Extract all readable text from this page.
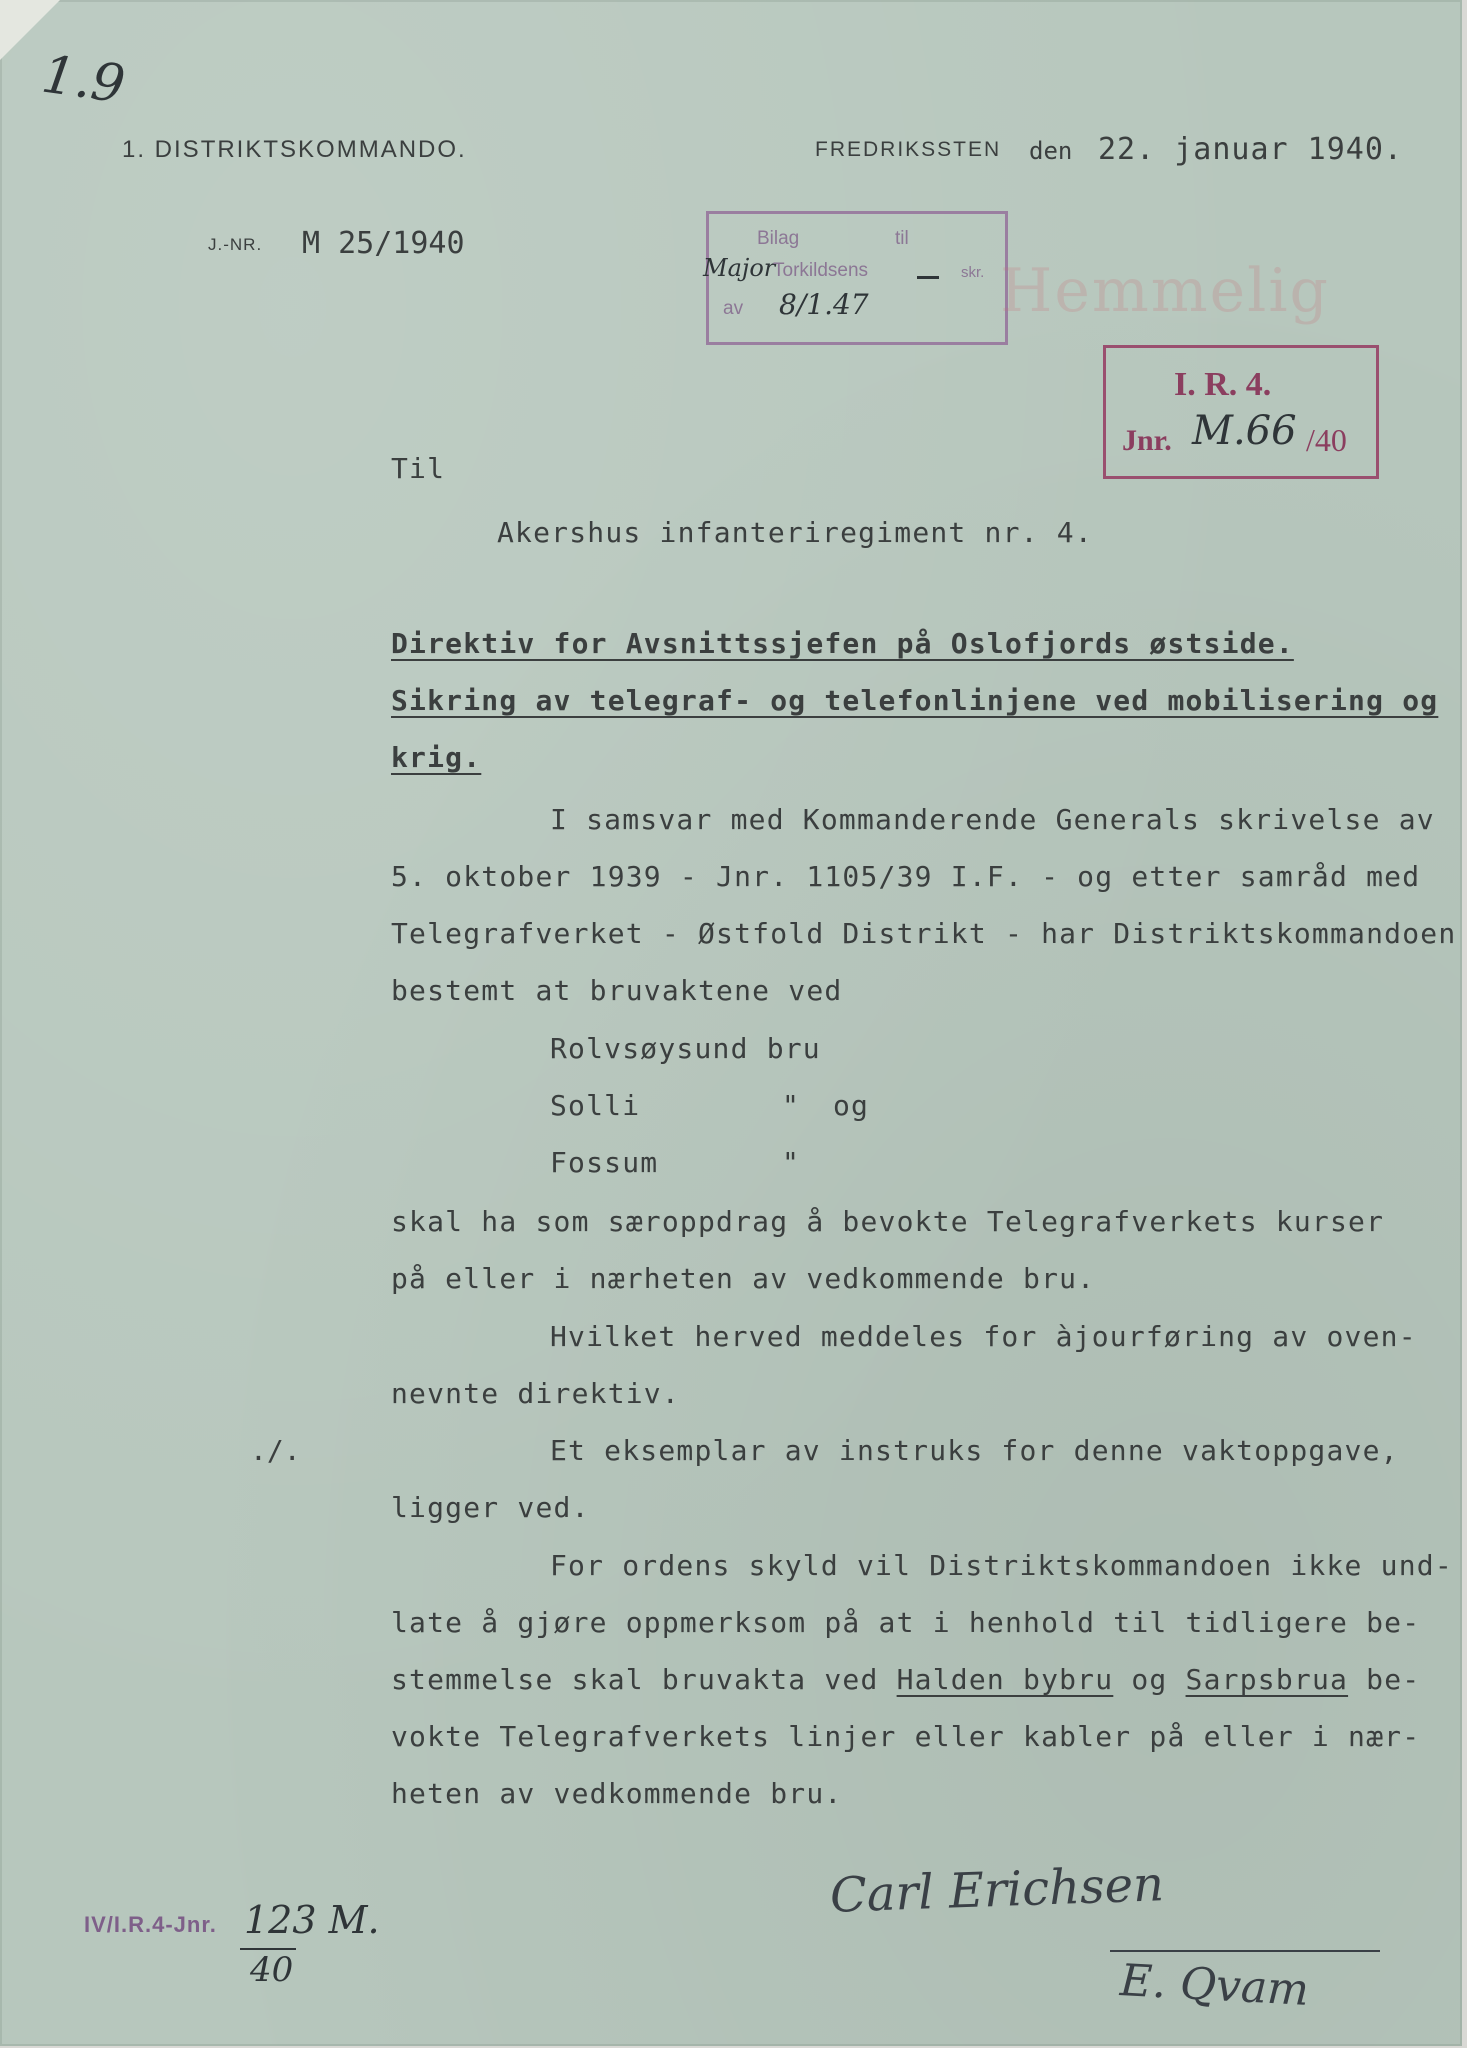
1.9
1. DISTRIKTSKOMMANDO.	FREDRIKSSTEN den 22. januar 1940.
J.-NR. M 25/1940	Bilag	til
Major
Torkildsens	skr.
av 8/1.47 Hemmelig
I. R. 4.
Jnr. M.66 /40
Til
Akershus infanteriregiment nr. 4.
Direktiv for Avsnittssjefen på Oslofjords østside.
Sikring av telegraf- og telefonlinjene ved mobilisering og
krig.
I samsvar med Kommanderende Generals skrivelse av
5. oktober 1939 - Jnr. 1105/39 I.F. - og etter samråd med
Telegrafverket - Østfold Distrikt - har Distriktskommandoen
bestemt at bruvaktene ved
Rolvsøysund bru
Solli	" og
Fossum	"
skal ha som særoppdrag å bevokte Telegrafverkets kurser
på eller i nærheten av vedkommende bru.
Hvilket herved meddeles for àjourføring av oven-
nevnte direktiv.
./.	Et eksemplar av instruks for denne vaktoppgave,
ligger ved.
For ordens skyld vil Distriktskommandoen ikke und-
late å gjøre oppmerksom på at i henhold til tidligere be-
stemmelse skal bruvakta ved Halden bybru og Sarpsbrua be-
vokte Telegrafverkets linjer eller kabler på eller i nær-
heten av vedkommende bru.
Carl Erichsen
E. Qvam
IV/I.R.4-Jnr. 123 M.
40
